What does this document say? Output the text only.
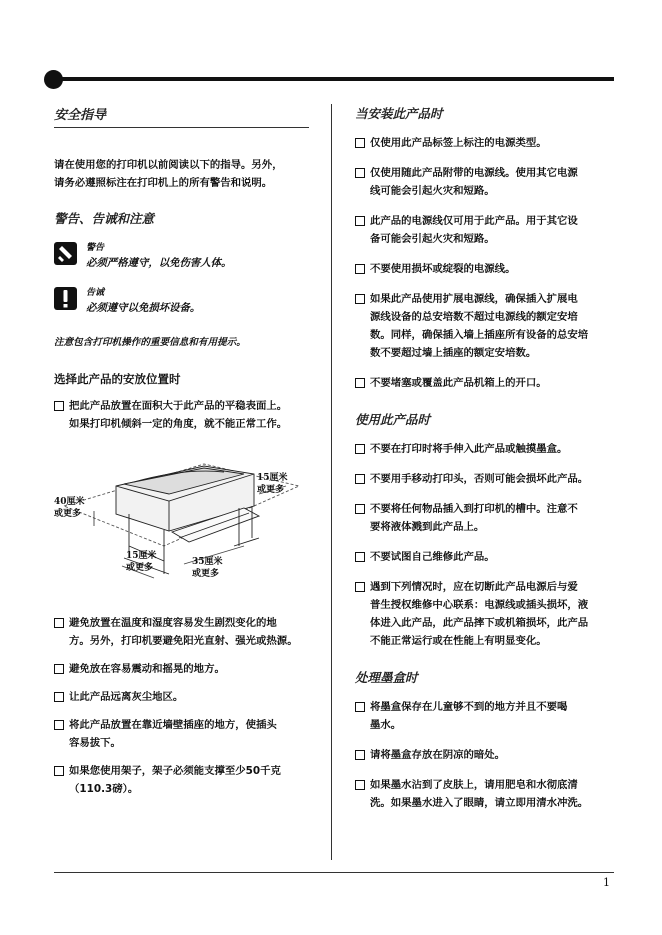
1
安全指导

请在使用您的打印机以前阅读以下的指导。另外，

请务必遵照标注在打印机上的所有警告和说明。

警告、告诫和注意
警告
必须严格遵守，以免伤害人体。
告诫
必须遵守以免损坏设备。

注意包含打印机操作的重要信息和有用提示。

选择此产品的安放位置时
把此产品放置在面积大于此产品的平稳表面上。
如果打印机倾斜一定的角度，就不能正常工作。
40厘米
或更多
15厘米
或更多
15厘米
或更多
35厘米
或更多
避免放置在温度和湿度容易发生剧烈变化的地
方。另外，打印机要避免阳光直射、强光或热源。
避免放在容易震动和摇晃的地方。
让此产品远离灰尘地区。
将此产品放置在靠近墙壁插座的地方，使插头
容易拔下。
如果您使用架子，架子必须能支撑至少50千克
（110.3磅）。
当安装此产品时
仅使用此产品标签上标注的电源类型。
仅使用随此产品附带的电源线。使用其它电源
线可能会引起火灾和短路。
此产品的电源线仅可用于此产品。用于其它设
备可能会引起火灾和短路。
不要使用损坏或绽裂的电源线。
如果此产品使用扩展电源线，确保插入扩展电
源线设备的总安培数不超过电源线的额定安培
数。同样，确保插入墙上插座所有设备的总安培
数不要超过墙上插座的额定安培数。
不要堵塞或覆盖此产品机箱上的开口。
使用此产品时
不要在打印时将手伸入此产品或触摸墨盒。
不要用手移动打印头，否则可能会损坏此产品。
不要将任何物品插入到打印机的槽中。注意不
要将液体溅到此产品上。
不要试图自己维修此产品。
遇到下列情况时，应在切断此产品电源后与爱
普生授权维修中心联系：电源线或插头损坏，液
体进入此产品，此产品摔下或机箱损坏，此产品
不能正常运行或在性能上有明显变化。
处理墨盒时
将墨盒保存在儿童够不到的地方并且不要喝
墨水。
请将墨盒存放在阴凉的暗处。
如果墨水沾到了皮肤上，请用肥皂和水彻底清
洗。如果墨水进入了眼睛，请立即用清水冲洗。
